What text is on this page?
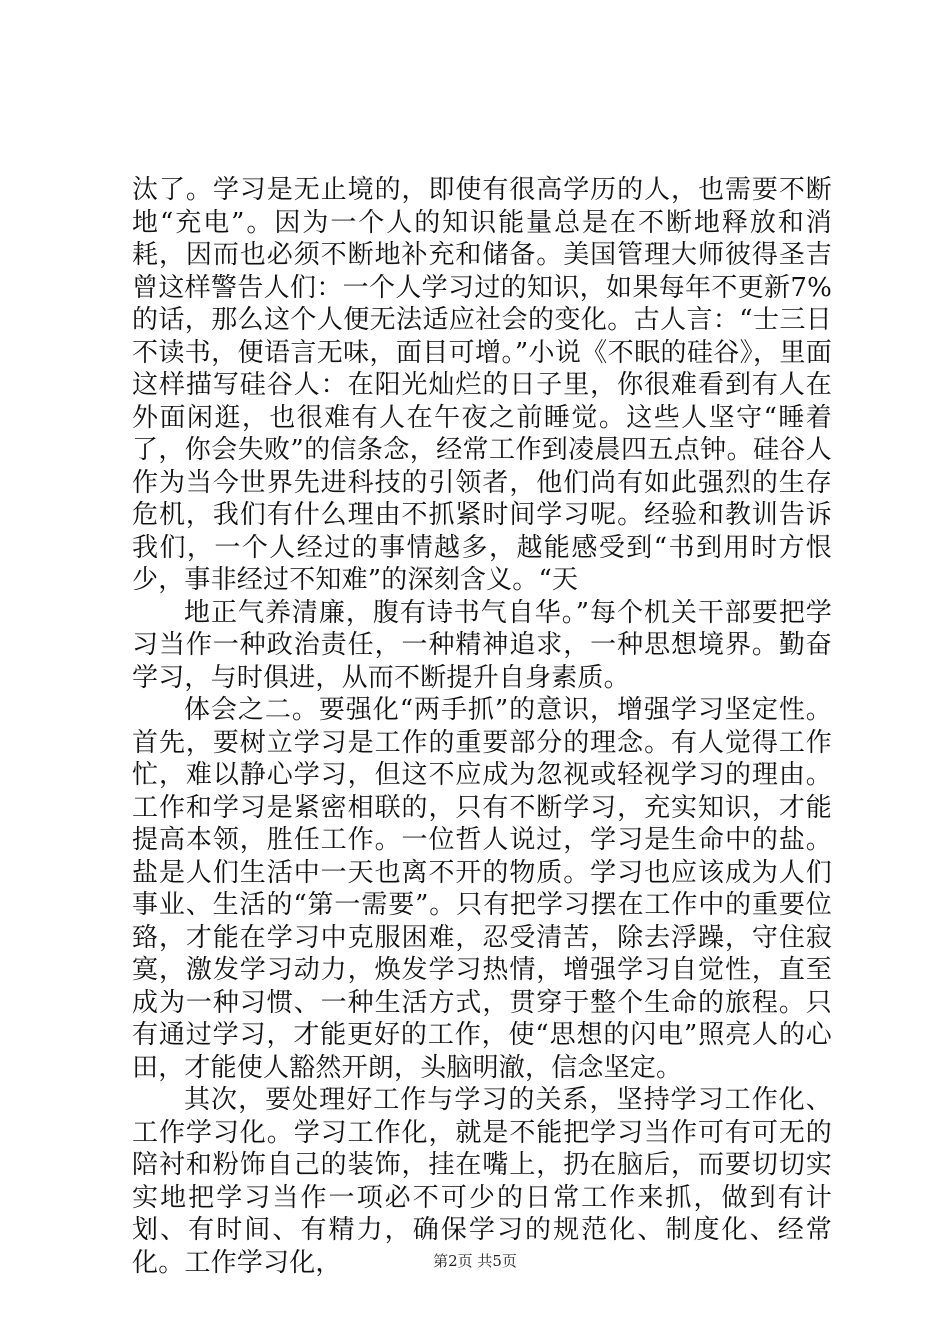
汰了。学习是无止境的，即使有很高学历的人，也需要不断地“充电”。因为一个人的知识能量总是在不断地释放和消耗，因而也必须不断地补充和储备。美国管理大师彼得圣吉曾这样警告人们：一个人学习过的知识，如果每年不更新7%的话，那么这个人便无法适应社会的变化。古人言：“士三日不读书，便语言无味，面目可增。”小说《不眠的硅谷》，里面这样描写硅谷人：在阳光灿烂的日子里，你很难看到有人在外面闲逛，也很难有人在午夜之前睡觉。这些人坚守“睡着了，你会失败”的信条念，经常工作到凌晨四五点钟。硅谷人作为当今世界先进科技的引领者，他们尚有如此强烈的生存危机，我们有什么理由不抓紧时间学习呢。经验和教训告诉我们，一个人经过的事情越多，越能感受到“书到用时方恨少，事非经过不知难”的深刻含义。“天

地正气养清廉，腹有诗书气自华。”每个机关干部要把学习当作一种政治责任，一种精神追求，一种思想境界。勤奋学习，与时俱进，从而不断提升自身素质。

体会之二。要强化“两手抓”的意识，增强学习坚定性。首先，要树立学习是工作的重要部分的理念。有人觉得工作忙，难以静心学习，但这不应成为忽视或轻视学习的理由。工作和学习是紧密相联的，只有不断学习，充实知识，才能提高本领，胜任工作。一位哲人说过，学习是生命中的盐。盐是人们生活中一天也离不开的物质。学习也应该成为人们事业、生活的“第一需要”。只有把学习摆在工作中的重要位臵，才能在学习中克服困难，忍受清苦，除去浮躁，守住寂寞，激发学习动力，焕发学习热情，增强学习自觉性，直至成为一种习惯、一种生活方式，贯穿于整个生命的旅程。只有通过学习，才能更好的工作，使“思想的闪电”照亮人的心田，才能使人豁然开朗，头脑明澈，信念坚定。

其次，要处理好工作与学习的关系，坚持学习工作化、工作学习化。学习工作化，就是不能把学习当作可有可无的陪衬和粉饰自己的装饰，挂在嘴上，扔在脑后，而要切切实实地把学习当作一项必不可少的日常工作来抓，做到有计划、有时间、有精力，确保学习的规范化、制度化、经常化。工作学习化，	第2页 共5页
